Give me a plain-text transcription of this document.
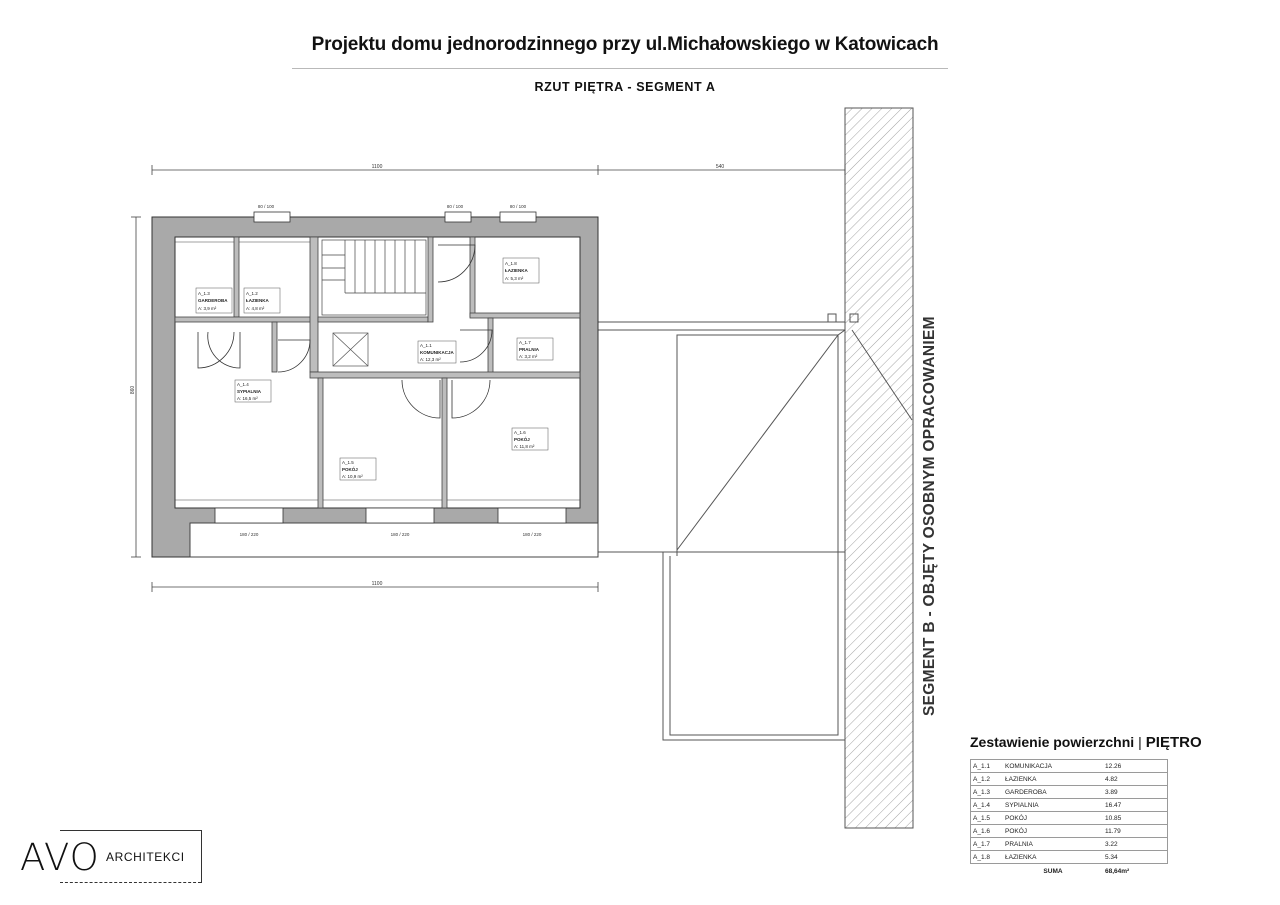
Projektu domu jednorodzinnego przy ul.Michałowskiego w Katowicach
RZUT PIĘTRA - SEGMENT A
SEGMENT B - OBJĘTY OSOBNYM OPRACOWANIEM
1100	540
1100
860
80 / 100	80 / 100	80 / 100
180 / 220	180 / 220	180 / 220
A_1.1
KOMUNIKACJA
A: 12,3 m²
A_1.2
ŁAZIENKA
A: 4,8 m²
A_1.3
GARDEROBA
A: 3,9 m²
A_1.4
SYPIALNIA
A: 16,5 m²
A_1.5
POKÓJ
A: 10,9 m²
A_1.6
POKÓJ
A: 11,8 m²
A_1.7
PRALNIA
A: 3,2 m²
A_1.8
ŁAZIENKA
A: 5,3 m²
Zestawienie powierzchni | PIĘTRO
A_1.1	KOMUNIKACJA	12.26
A_1.2	ŁAZIENKA	4.82
A_1.3	GARDEROBA	3.89
A_1.4	SYPIALNIA	16.47
A_1.5	POKÓJ	10.85
A_1.6	POKÓJ	11.79
A_1.7	PRALNIA	3.22
A_1.8	ŁAZIENKA	5.34
	SUMA	68,64m²
AVO ARCHITEKCI
